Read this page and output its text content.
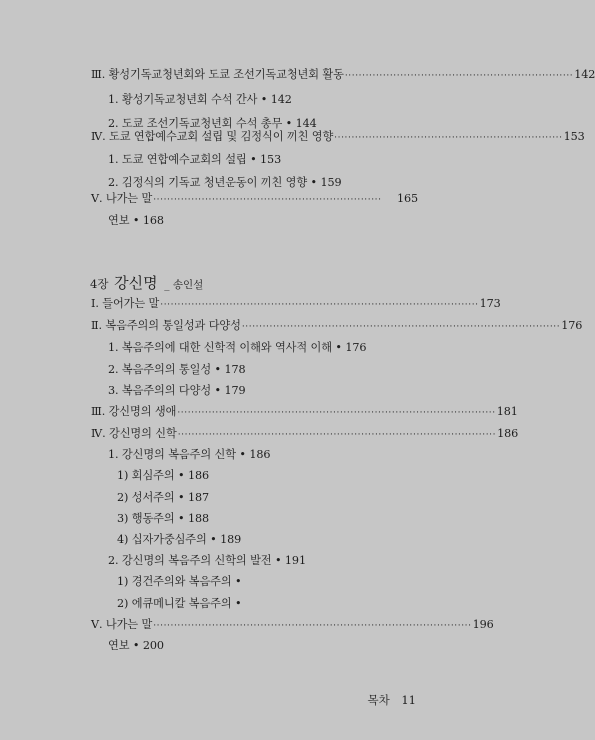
Ⅲ. 황성기독교청년회와 도쿄 조선기독교청년회 활동 ·································································· 142
1. 황성기독교청년회 수석 간사 • 142
2. 도쿄 조선기독교청년회 수석 총무 • 144
Ⅳ. 도쿄 연합예수교회 설립 및 김정식이 끼친 영향 ·································································· 153
1. 도쿄 연합예수교회의 설립 • 153
2. 김정식의 기독교 청년운동이 끼친 영향 • 159
Ⅴ. 나가는 말 ··································································	165
연보 • 168
4장 강신명 _ 송인설
Ⅰ. 들어가는 말 ···························································································· 173
Ⅱ. 복음주의의 통일성과 다양성 ···························································································· 176
1. 복음주의에 대한 신학적 이해와 역사적 이해 • 176
2. 복음주의의 통일성 • 178
3. 복음주의의 다양성 • 179
Ⅲ. 강신명의 생애 ···························································································· 181
Ⅳ. 강신명의 신학 ···························································································· 186
1. 강신명의 복음주의 신학 • 186
1) 회심주의 • 186
2) 성서주의 • 187
3) 행동주의 • 188
4) 십자가중심주의 • 189
2. 강신명의 복음주의 신학의 발전 • 191
1) 경건주의와 복음주의 •
2) 에큐메니칼 복음주의 •
Ⅴ. 나가는 말 ···························································································· 196
연보 • 200
목차 11
